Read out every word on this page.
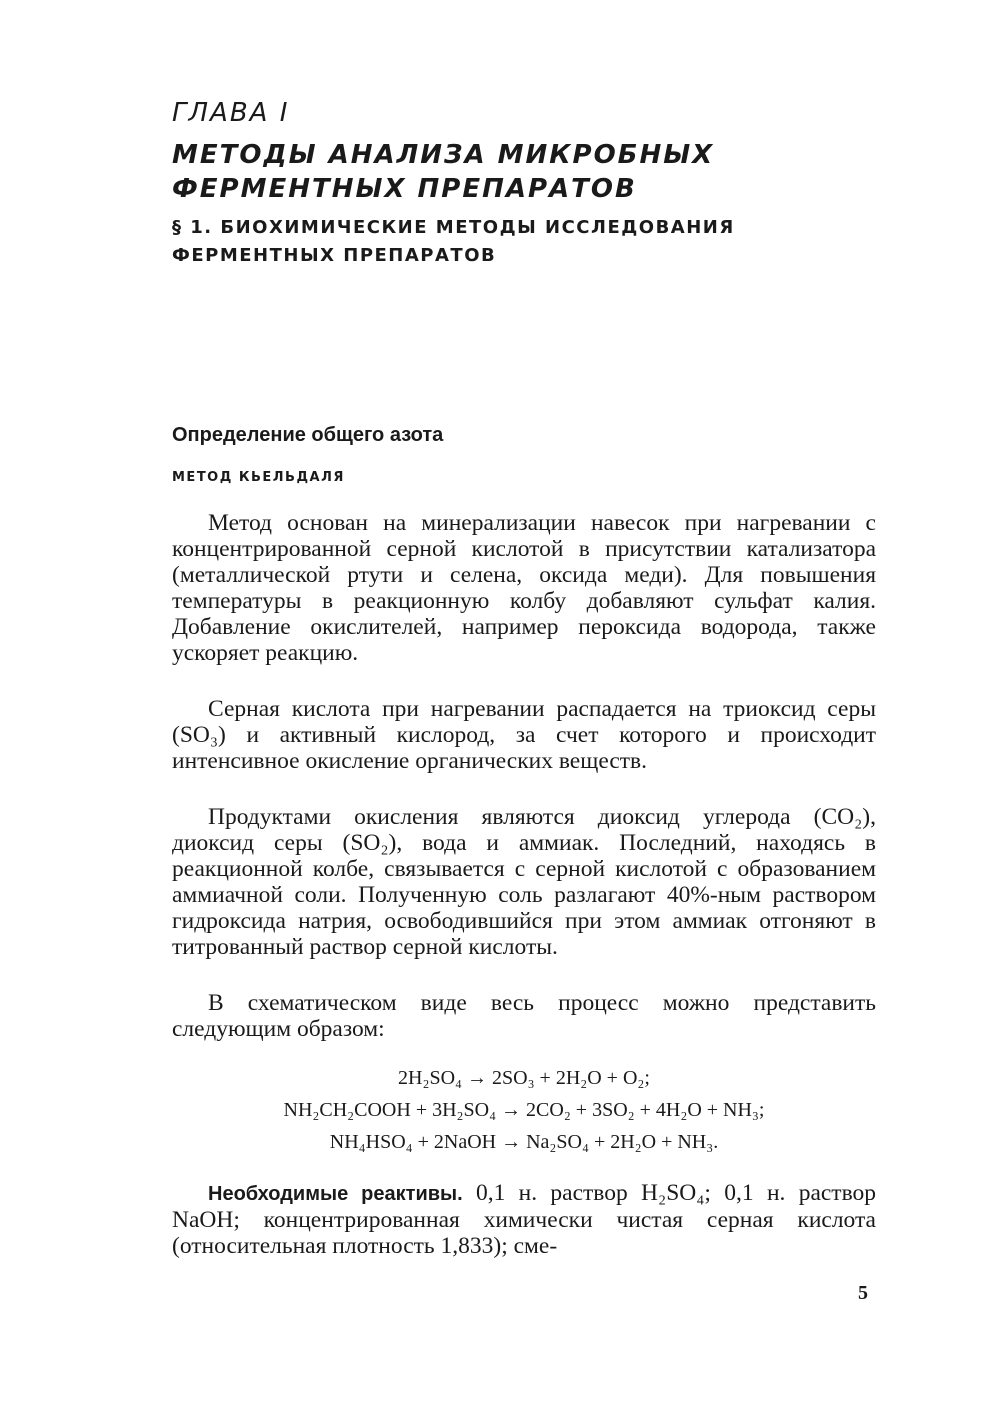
ГЛАВА I
МЕТОДЫ АНАЛИЗА МИКРОБНЫХ
ФЕРМЕНТНЫХ ПРЕПАРАТОВ
§ 1. БИОХИМИЧЕСКИЕ МЕТОДЫ ИССЛЕДОВАНИЯ
ФЕРМЕНТНЫХ ПРЕПАРАТОВ
Определение общего азота
МЕТОД КЬЕЛЬДАЛЯ

Метод основан на минерализации навесок при нагревании с концентрированной серной кислотой в присутствии катализатора (металлической ртути и селена, оксида меди). Для повышения температуры в реакционную колбу добавляют сульфат калия. Добавление окислителей, например пероксида водорода, также ускоряет реакцию.

Серная кислота при нагревании распадается на триоксид серы (SO₃) и активный кислород, за счет которого и происходит интенсивное окисление органических веществ.

Продуктами окисления являются диоксид углерода (CO₂), диоксид серы (SO₂), вода и аммиак. Последний, находясь в реакционной колбе, связывается с серной кислотой с образованием аммиачной соли. Полученную соль разлагают 40%-ным раствором гидроксида натрия, освободившийся при этом аммиак отгоняют в титрованный раствор серной кислоты.

В схематическом виде весь процесс можно представить следующим образом:

2H₂SO₄ → 2SO₃ + 2H₂O + O₂;
NH₂CH₂COOH + 3H₂SO₄ → 2CO₂ + 3SO₂ + 4H₂O + NH₃;
NH₄HSO₄ + 2NaOH → Na₂SO₄ + 2H₂O + NH₃.

Необходимые реактивы. 0,1 н. раствор H₂SO₄; 0,1 н. раствор NaOH; концентрированная химически чистая серная кислота (относительная плотность 1,833); сме-

5
